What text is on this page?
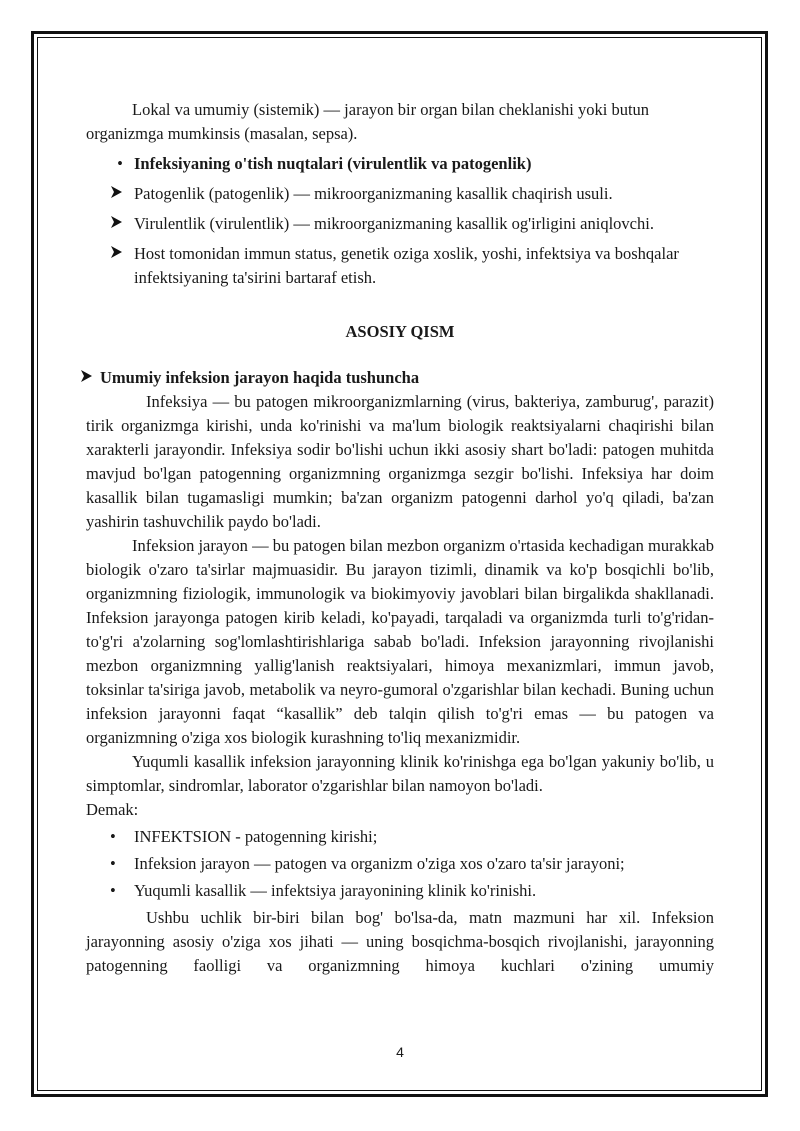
Lokal va umumiy (sistemik) — jarayon bir organ bilan cheklanishi yoki butun organizmga mumkinsis (masalan, sepsa).

• Infeksiyaning o'tish nuqtalari (virulentlik va patogenlik)
Patogenlik (patogenlik) — mikroorganizmaning kasallik chaqirish usuli.
Virulentlik (virulentlik) — mikroorganizmaning kasallik og'irligini aniqlovchi.
Host tomonidan immun status, genetik oziga xoslik, yoshi, infektsiya va boshqalar infektsiyaning ta'sirini bartaraf etish.

ASOSIY QISM

Umumiy infeksion jarayon haqida tushuncha

Infeksiya — bu patogen mikroorganizmlarning (virus, bakteriya, zamburug', parazit) tirik organizmga kirishi, unda ko'rinishi va ma'lum biologik reaktsiyalarni chaqirishi bilan xarakterli jarayondir. Infeksiya sodir bo'lishi uchun ikki asosiy shart bo'ladi: patogen muhitda mavjud bo'lgan patogenning organizmning organizmga sezgir bo'lishi. Infeksiya har doim kasallik bilan tugamasligi mumkin; ba'zan organizm patogenni darhol yo'q qiladi, ba'zan yashirin tashuvchilik paydo bo'ladi.

Infeksion jarayon — bu patogen bilan mezbon organizm o'rtasida kechadigan murakkab biologik o'zaro ta'sirlar majmuasidir. Bu jarayon tizimli, dinamik va ko'p bosqichli bo'lib, organizmning fiziologik, immunologik va biokimyoviy javoblari bilan birgalikda shakllanadi. Infeksion jarayonga patogen kirib keladi, ko'payadi, tarqaladi va organizmda turli to'g'ridan-to'g'ri a'zolarning sog'lomlashtirishlariga sabab bo'ladi. Infeksion jarayonning rivojlanishi mezbon organizmning yallig'lanish reaktsiyalari, himoya mexanizmlari, immun javob, toksinlar ta'siriga javob, metabolik va neyro-gumoral o'zgarishlar bilan kechadi. Buning uchun infeksion jarayonni faqat “kasallik” deb talqin qilish to'g'ri emas — bu patogen va organizmning o'ziga xos biologik kurashning to'liq mexanizmidir.

Yuqumli kasallik infeksion jarayonning klinik ko'rinishga ega bo'lgan yakuniy bo'lib, u simptomlar, sindromlar, laborator o'zgarishlar bilan namoyon bo'ladi.

Demak:

• INFEKTSION - patogenning kirishi;
• Infeksion jarayon — patogen va organizm o'ziga xos o'zaro ta'sir jarayoni;
• Yuqumli kasallik — infektsiya jarayonining klinik ko'rinishi.

Ushbu uchlik bir-biri bilan bog' bo'lsa-da, matn mazmuni har xil. Infeksion jarayonning asosiy o'ziga xos jihati — uning bosqichma-bosqich rivojlanishi, jarayonning patogenning faolligi va organizmning himoya kuchlari o'zining umumiy

4
